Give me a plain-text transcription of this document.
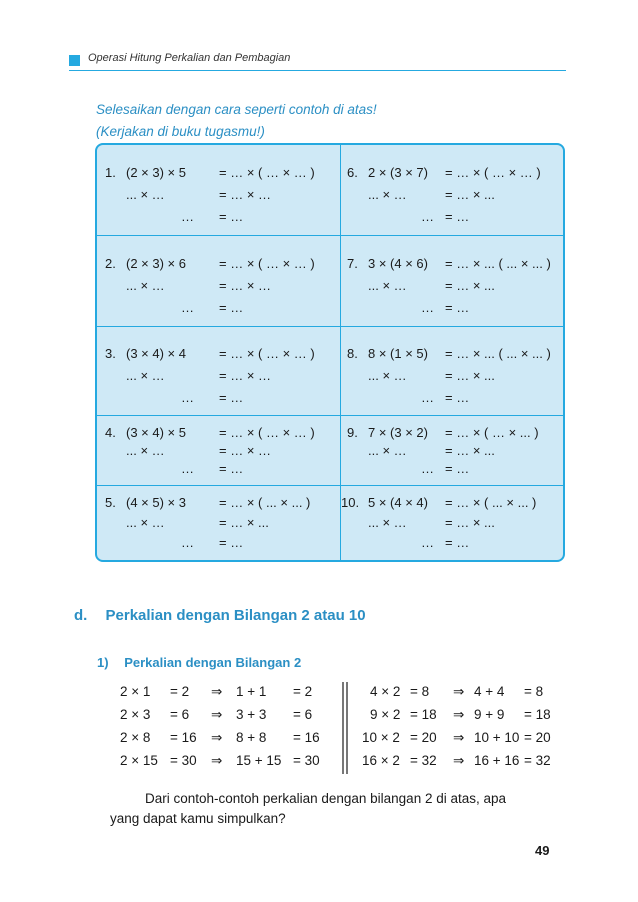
Operasi Hitung Perkalian dan Pembagian
Selesaikan dengan cara seperti contoh di atas!
(Kerjakan di buku tugasmu!)
1. (2 × 3) × 5	= … × ( … × … )
... × …	= … × …
… = …
6. 2 × (3 × 7) = … × ( … × … )
... × …	= … × ...
… = …
2. (2 × 3) × 6	= … × ( … × … )
... × …	= … × …
… = …
7. 3 × (4 × 6) = … × ... ( ... × ... )
... × …	= … × ...
… = …
3. (3 × 4) × 4	= … × ( … × … )
... × …	= … × …
… = …
8. 8 × (1 × 5) = … × ... ( ... × ... )
... × …	= … × ...
… = …
4. (3 × 4) × 5	= … × ( … × … )
... × …	= … × …
… = …
9. 7 × (3 × 2) = … × ( … × ... )
... × …	= … × ...
… = …
5. (4 × 5) × 3	= … × ( ... × ... )
... × …	= … × ...
… = …
10. 5 × (4 × 4) = … × ( ... × ... )
... × …	= … × ...
… = …
d. Perkalian dengan Bilangan 2 atau 10
1) Perkalian dengan Bilangan 2
2 × 1 = 2 ⇒ 1 + 1 = 2
2 × 3 = 6 ⇒ 3 + 3 = 6
2 × 8 = 16 ⇒ 8 + 8 = 16
2 × 15 = 30 ⇒ 15 + 15 = 30
4 × 2 = 8 ⇒ 4 + 4 = 8
9 × 2 = 18 ⇒ 9 + 9 = 18
10 × 2 = 20 ⇒ 10 + 10 = 20
16 × 2 = 32 ⇒ 16 + 16 = 32
Dari contoh-contoh perkalian dengan bilangan 2 di atas, apa
yang dapat kamu simpulkan?
49
